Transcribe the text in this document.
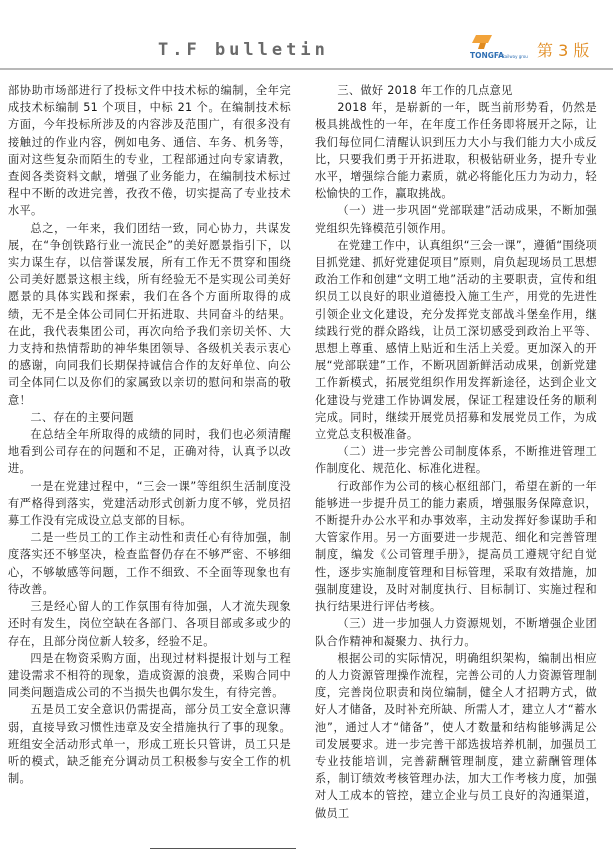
T.F bulletin	TONGFA
Railway group 第 3 版

部协助市场部进行了投标文件中技术标的编制，全年完成技术标编制 51 个项目，中标 21 个。在编制技术标方面，今年投标所涉及的内容涉及范围广，有很多没有接触过的作业内容，例如电务、通信、车务、机务等，面对这些复杂而陌生的专业，工程部通过向专家请教，查阅各类资料文献，增强了业务能力，在编制技术标过程中不断的改进完善，孜孜不倦，切实提高了专业技术水平。

总之，一年来，我们团结一致，同心协力，共谋发展，在“争创铁路行业一流民企”的美好愿景指引下，以实力谋生存，以信誉谋发展，所有工作无不贯穿和围绕公司美好愿景这根主线，所有经验无不是实现公司美好愿景的具体实践和探索，我们在各个方面所取得的成绩，无不是全体公司同仁开拓进取、共同奋斗的结果。在此，我代表集团公司，再次向给予我们亲切关怀、大力支持和热情帮助的神华集团领导、各级机关表示衷心的感谢，向同我们长期保持诚信合作的友好单位、向公司全体同仁以及你们的家属致以亲切的慰问和崇高的敬意！

二、存在的主要问题

在总结全年所取得的成绩的同时，我们也必须清醒地看到公司存在的问题和不足，正确对待，认真予以改进。

一是在党建过程中，“三会一课”等组织生活制度没有严格得到落实，党建活动形式创新力度不够，党员招募工作没有完成设立总支部的目标。

二是一些员工的工作主动性和责任心有待加强，制度落实还不够坚决，检查监督仍存在不够严密、不够细心，不够敏感等问题，工作不细致、不全面等现象也有待改善。

三是经心留人的工作氛围有待加强，人才流失现象还时有发生，岗位空缺在各部门、各项目部或多或少的存在，且部分岗位新人较多，经验不足。

四是在物资采购方面，出现过材料提报计划与工程建设需求不相符的现象，造成资源的浪费，采购合同中同类问题造成公司的不当损失也偶尔发生，有待完善。

五是员工安全意识仍需提高，部分员工安全意识薄弱，直接导致习惯性违章及安全措施执行了事的现象。班组安全活动形式单一，形成工班长只管讲，员工只是听的模式，缺乏能充分调动员工积极参与安全工作的机制。

三、做好 2018 年工作的几点意见

2018 年，是崭新的一年，既当前形势看，仍然是极具挑战性的一年，在年度工作任务即将展开之际，让我们每位同仁清醒认识到压力大小与我们能力大小成反比，只要我们勇于开拓进取，积极钻研业务，提升专业水平，增强综合能力素质，就必将能化压力为动力，轻松愉快的工作，赢取挑战。

（一）进一步巩固“党部联建”活动成果，不断加强党组织先锋模范引领作用。

在党建工作中，认真组织“三会一课”，遵循“围绕项目抓党建、抓好党建促项目”原则，肩负起现场员工思想政治工作和创建“文明工地”活动的主要职责，宣传和组织员工以良好的职业道德投入施工生产，用党的先进性引领企业文化建设，充分发挥党支部战斗堡垒作用，继续践行党的群众路线，让员工深切感受到政治上平等、思想上尊重、感情上贴近和生活上关爱。更加深入的开展“党部联建”工作，不断巩固新鲜活动成果，创新党建工作新模式，拓展党组织作用发挥新途径，达到企业文化建设与党建工作协调发展，保证工程建设任务的顺利完成。同时，继续开展党员招募和发展党员工作，为成立党总支积极准备。

（二）进一步完善公司制度体系，不断推进管理工作制度化、规范化、标准化进程。

行政部作为公司的核心枢纽部门，希望在新的一年能够进一步提升员工的能力素质，增强服务保障意识，不断提升办公水平和办事效率，主动发挥好参谋助手和大管家作用。另一方面要进一步规范、细化和完善管理制度，编发《公司管理手册》，提高员工遵规守纪自觉性，逐步实施制度管理和目标管理，采取有效措施，加强制度建设，及时对制度执行、目标制订、实施过程和执行结果进行评估考核。

（三）进一步加强人力资源规划，不断增强企业团队合作精神和凝聚力、执行力。

根据公司的实际情况，明确组织架构，编制出相应的人力资源管理操作流程，完善公司的人力资源管理制度，完善岗位职责和岗位编制，健全人才招聘方式，做好人才储备，及时补充所缺、所需人才，建立人才“蓄水池”，通过人才“储备”，使人才数量和结构能够满足公司发展要求。进一步完善干部选拔培养机制，加强员工专业技能培训，完善薪酬管理制度，建立薪酬管理体系，制订绩效考核管理办法，加大工作考核力度，加强对人工成本的管控，建立企业与员工良好的沟通渠道，做员工
